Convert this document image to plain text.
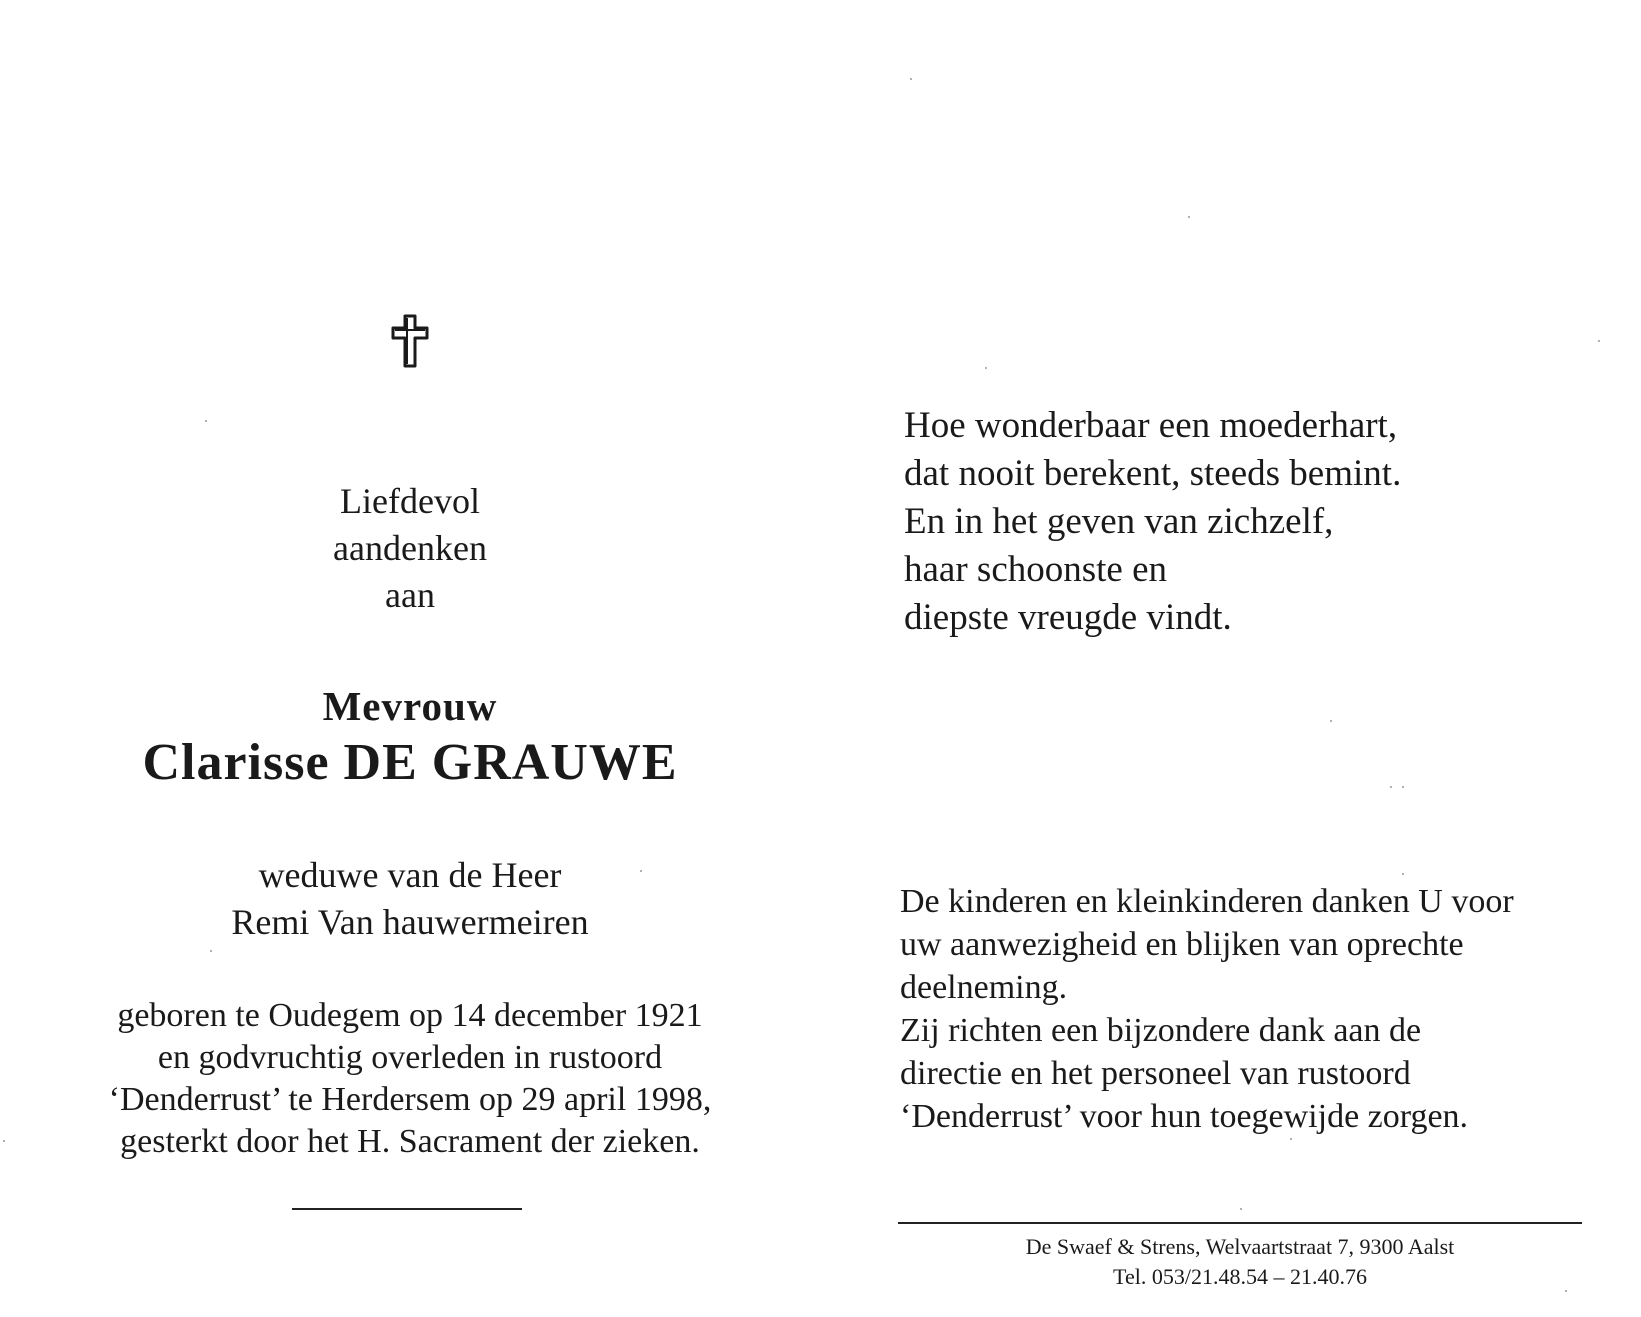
Liefdevol
aandenken
aan
Mevrouw
Clarisse DE GRAUWE
weduwe van de Heer
Remi Van hauwermeiren
geboren te Oudegem op 14 december 1921
en godvruchtig overleden in rustoord
‘Denderrust’ te Herdersem op 29 april 1998,
gesterkt door het H. Sacrament der zieken.
Hoe wonderbaar een moederhart,
dat nooit berekent, steeds bemint.
En in het geven van zichzelf,
haar schoonste en
diepste vreugde vindt.
De kinderen en kleinkinderen danken U voor
uw aanwezigheid en blijken van oprechte
deelneming.
Zij richten een bijzondere dank aan de
directie en het personeel van rustoord
‘Denderrust’ voor hun toegewijde zorgen.
De Swaef & Strens, Welvaartstraat 7, 9300 Aalst
Tel. 053/21.48.54 – 21.40.76
